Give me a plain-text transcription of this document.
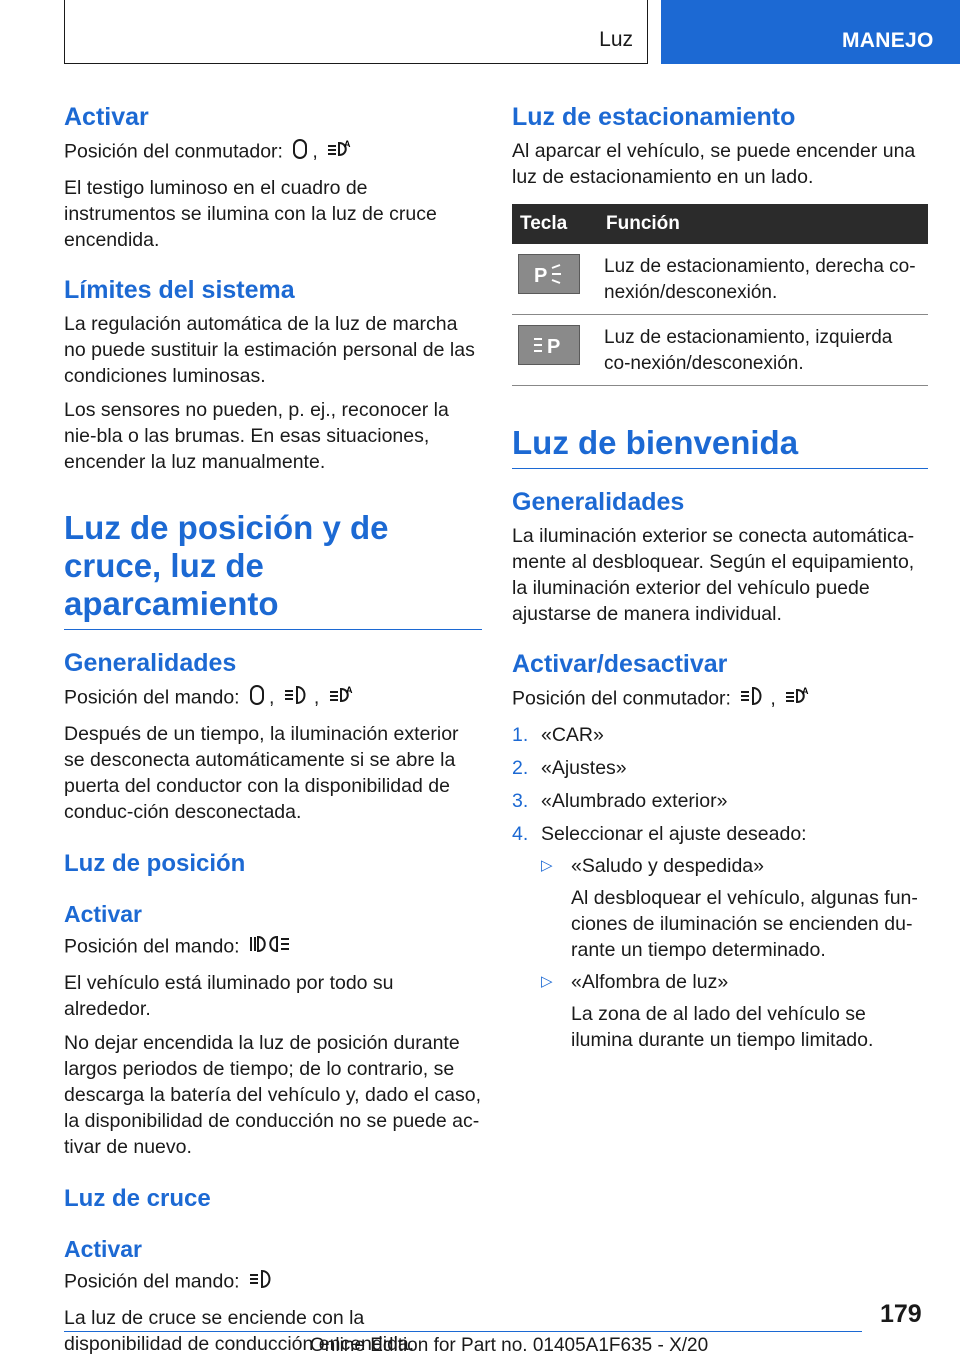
Luz	MANEJO
Activar

Posición del conmutador: ,	A

El testigo luminoso en el cuadro de instrumentos se ilumina con la luz de cruce encendida.

Límites del sistema

La regulación automática de la luz de marcha no puede sustituir la estimación personal de las condiciones luminosas.

Los sensores no pueden, p. ej., reconocer la nie‐bla o las brumas. En esas situaciones, encender la luz manualmente.

Luz de posición y de cruce, luz de aparcamiento
Generalidades

Posición del mando: , ,	A

Después de un tiempo, la iluminación exterior se desconecta automáticamente si se abre la puerta del conductor con la disponibilidad de conduc‐ción desconectada.

Luz de posición
Activar

Posición del mando:

El vehículo está iluminado por todo su alrededor.

No dejar encendida la luz de posición durante largos periodos de tiempo; de lo contrario, se descarga la batería del vehículo y, dado el caso, la disponibilidad de conducción no se puede ac‐tivar de nuevo.

Luz de cruce
Activar

Posición del mando:

La luz de cruce se enciende con la disponibilidad de conducción encendida.

Luz de estacionamiento

Al aparcar el vehículo, se puede encender una luz de estacionamiento en un lado.

Tecla	Función

P	Luz de estacionamiento, derecha co‐nexión/desconexión.

P	Luz de estacionamiento, izquierda co‐nexión/desconexión.
Luz de bienvenida
Generalidades

La iluminación exterior se conecta automática‐mente al desbloquear. Según el equipamiento, la iluminación exterior del vehículo puede ajustarse de manera individual.

Activar/desactivar

Posición del conmutador: ,	A

1. «CAR»
2. «Ajustes»
3. «Alumbrado exterior»
4. Seleccionar el ajuste deseado:
▷ «Saludo y despedida»
Al desbloquear el vehículo, algunas fun‐ciones de iluminación se encienden du‐rante un tiempo determinado.
▷ «Alfombra de luz»
La zona de al lado del vehículo se ilumina durante un tiempo limitado.
179
Online Edition for Part no. 01405A1F635 - X/20
